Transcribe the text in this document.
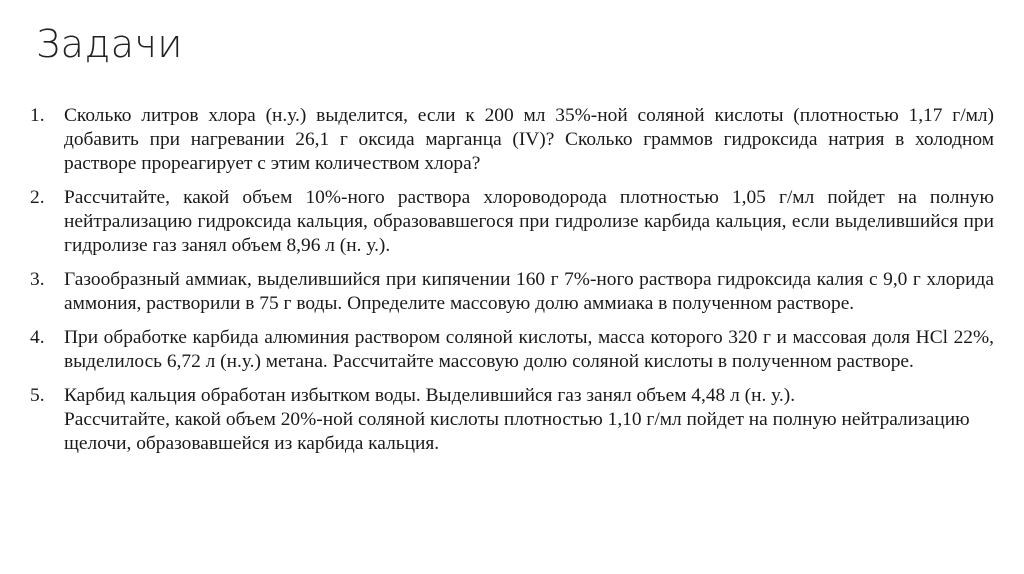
Задачи
1.	Сколько литров хлора (н.у.) выделится, если к 200 мл 35%-ной соляной кислоты (плотностью 1,17 г/мл) добавить при нагревании 26,1 г оксида марганца (IV)? Сколько граммов гидроксида натрия в холодном растворе прореагирует с этим количеством хлора?
2.	Рассчитайте, какой объем 10%-ного раствора хлороводорода плотностью 1,05 г/мл пойдет на полную нейтрализацию гидроксида кальция, образовавшегося при гидролизе карбида кальция, если выделившийся при гидролизе газ занял объем 8,96 л (н. у.).
3.	Газообразный аммиак, выделившийся при кипячении 160 г 7%-ного раствора гидроксида калия с 9,0 г хлорида аммония, растворили в 75 г воды. Определите массовую долю аммиака в полученном растворе.
4.	При обработке карбида алюминия раствором соляной кислоты, масса которого 320 г и массовая доля HCl 22%, выделилось 6,72 л (н.у.) метана. Рассчитайте массовую долю соляной кислоты в полученном растворе.
5.	Карбид кальция обработан избытком воды. Выделившийся газ занял объем 4,48 л (н. у.).
Рассчитайте, какой объем 20%-ной соляной кислоты плотностью 1,10 г/мл пойдет на полную нейтрализацию щелочи, образовавшейся из карбида кальция.
